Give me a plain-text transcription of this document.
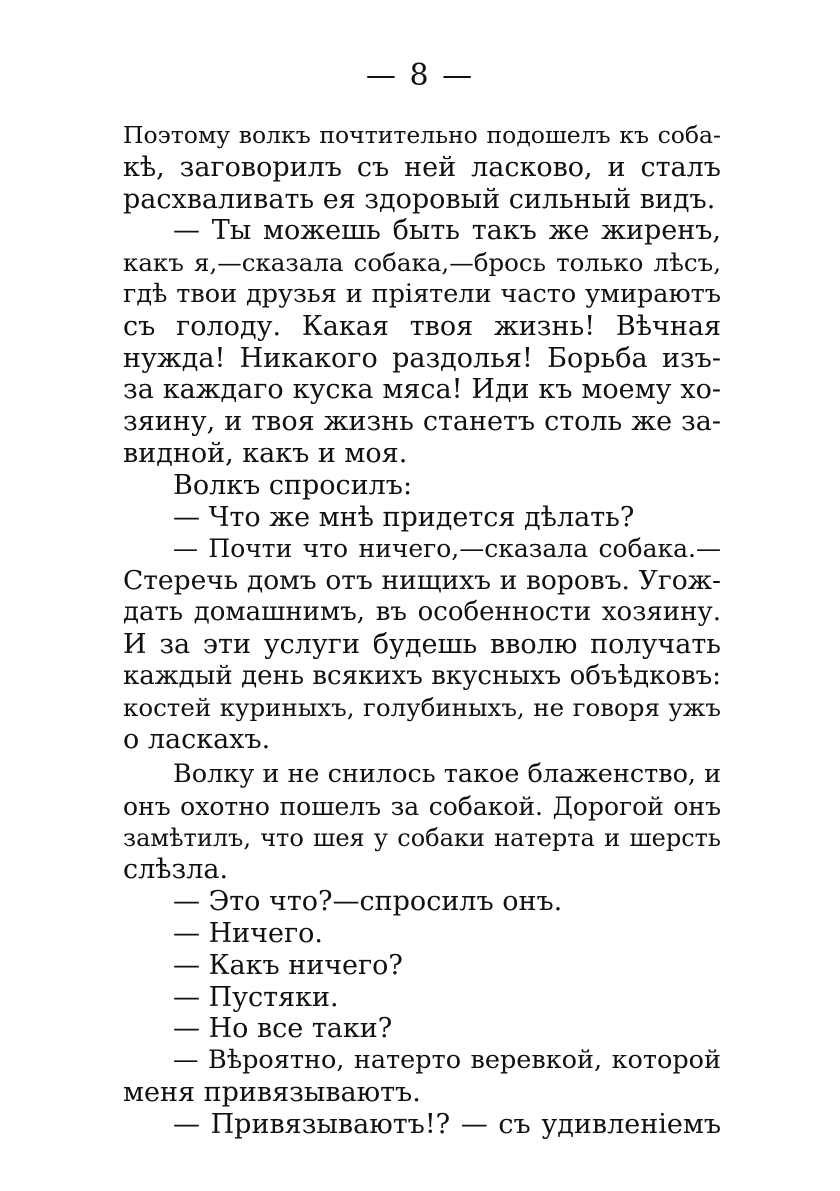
— 8 —
Поэтому волкъ почтительно подошелъ къ соба-
кѣ, заговорилъ съ ней ласково, и сталъ
расхваливать ея здоровый сильный видъ.
— Ты можешь быть такъ же жиренъ,
какъ я,—сказала собака,—брось только лѣсъ,
гдѣ твои друзья и пріятели часто умираютъ
съ голоду. Какая твоя жизнь! Вѣчная
нужда! Никакого раздолья! Борьба изъ-
за каждаго куска мяса! Иди къ моему хо-
зяину, и твоя жизнь станетъ столь же за-
видной, какъ и моя.
Волкъ спросилъ:
— Что же мнѣ придется дѣлать?
— Почти что ничего,—сказала собака.—
Стеречь домъ отъ нищихъ и воровъ. Угож-
дать домашнимъ, въ особенности хозяину.
И за эти услуги будешь вволю получать
каждый день всякихъ вкусныхъ объѣдковъ:
костей куриныхъ, голубиныхъ, не говоря ужъ
о ласкахъ.
Волку и не снилось такое блаженство, и
онъ охотно пошелъ за собакой. Дорогой онъ
замѣтилъ, что шея у собаки натерта и шерсть
слѣзла.
— Это что?—спросилъ онъ.
— Ничего.
— Какъ ничего?
— Пустяки.
— Но все таки?
— Вѣроятно, натерто веревкой, которой
меня привязываютъ.
— Привязываютъ!? — съ удивленіемъ
